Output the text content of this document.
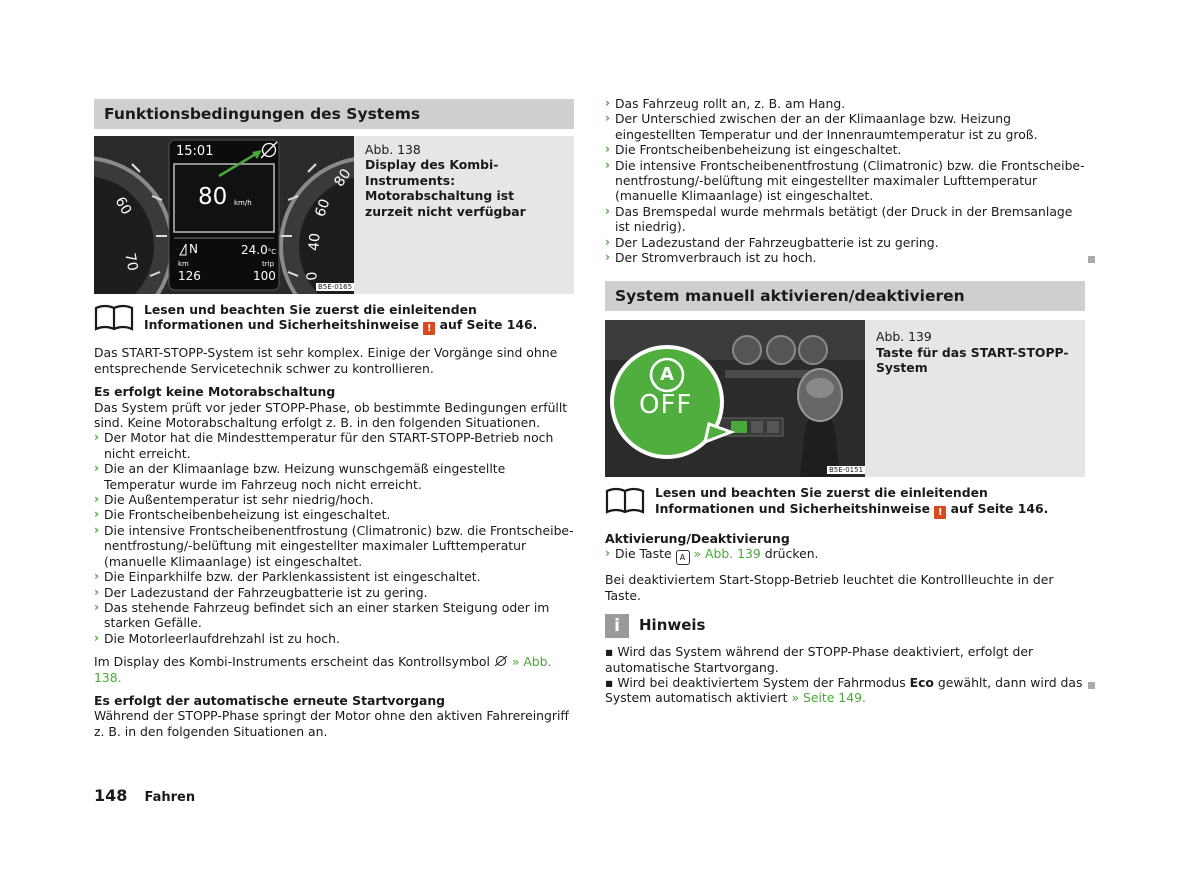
Funktionsbedingungen des Systems
15:01
80 km/h
N	24.0°C
km
126
trip
100
60
70
80
60
40
0
B5E-0165
Abb. 138
Display des Kombi-Instruments: Motorabschaltung ist zurzeit nicht verfügbar
Lesen und beachten Sie zuerst die einleitenden Informationen und Sicherheitshinweise ! auf Seite 146.

Das START-STOPP-System ist sehr komplex. Einige der Vorgänge sind ohne entsprechende Servicetechnik schwer zu kontrollieren.

Es erfolgt keine Motorabschaltung

Das System prüft vor jeder STOPP-Phase, ob bestimmte Bedingungen erfüllt sind. Keine Motorabschaltung erfolgt z. B. in den folgenden Situationen.

› Der Motor hat die Mindesttemperatur für den START-STOPP-Betrieb noch nicht erreicht.
› Die an der Klimaanlage bzw. Heizung wunschgemäß eingestellte Temperatur wurde im Fahrzeug noch nicht erreicht.
› Die Außentemperatur ist sehr niedrig/hoch.
› Die Frontscheibenbeheizung ist eingeschaltet.
› Die intensive Frontscheibenentfrostung (Climatronic) bzw. die Frontscheibenentfrostung/-belüftung mit eingestellter maximaler Lufttemperatur (manuelle Klimaanlage) ist eingeschaltet.
› Die Einparkhilfe bzw. der Parklenkassistent ist eingeschaltet.
› Der Ladezustand der Fahrzeugbatterie ist zu gering.
› Das stehende Fahrzeug befindet sich an einer starken Steigung oder im starken Gefälle.
› Die Motorleerlaufdrehzahl ist zu hoch.

Im Display des Kombi-Instruments erscheint das Kontrollsymbol » Abb. 138.

Es erfolgt der automatische erneute Startvorgang

Während der STOPP-Phase springt der Motor ohne den aktiven Fahrereingriff z. B. in den folgenden Situationen an.

› Das Fahrzeug rollt an, z. B. am Hang.
› Der Unterschied zwischen der an der Klimaanlage bzw. Heizung eingestellten Temperatur und der Innenraumtemperatur ist zu groß.
› Die Frontscheibenbeheizung ist eingeschaltet.
› Die intensive Frontscheibenentfrostung (Climatronic) bzw. die Frontscheibenentfrostung/-belüftung mit eingestellter maximaler Lufttemperatur (manuelle Klimaanlage) ist eingeschaltet.
› Das Bremspedal wurde mehrmals betätigt (der Druck in der Bremsanlage ist niedrig).
› Der Ladezustand der Fahrzeugbatterie ist zu gering.
› Der Stromverbrauch ist zu hoch.
System manuell aktivieren/deaktivieren
A
OFF
B5E-0151
Abb. 139
Taste für das START-STOPP-System
Lesen und beachten Sie zuerst die einleitenden Informationen und Sicherheitshinweise ! auf Seite 146.

Aktivierung/Deaktivierung

› Die Taste A » Abb. 139 drücken.

Bei deaktiviertem Start-Stopp-Betrieb leuchtet die Kontrollleuchte in der Taste.

i	Hinweis

▪ Wird das System während der STOPP-Phase deaktiviert, erfolgt der automatische Startvorgang.

▪ Wird bei deaktiviertem System der Fahrmodus Eco gewählt, dann wird das System automatisch aktiviert » Seite 149.

148 Fahren
